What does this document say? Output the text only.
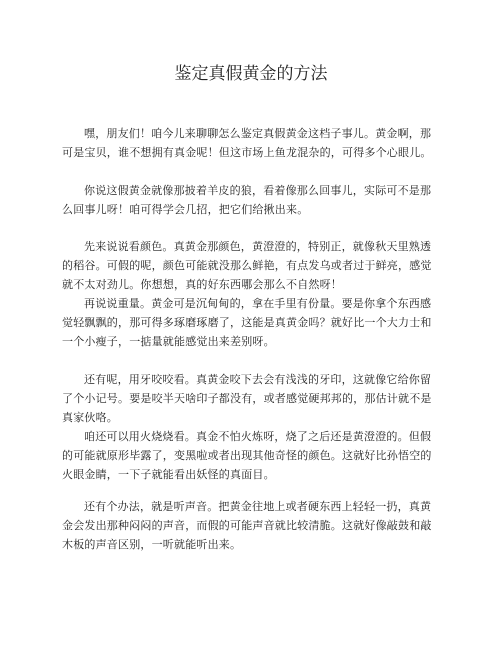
鉴定真假黄金的方法

嘿，朋友们！咱今儿来聊聊怎么鉴定真假黄金这档子事儿。黄金啊，那可是宝贝，谁不想拥有真金呢！但这市场上鱼龙混杂的，可得多个心眼儿。

你说这假黄金就像那披着羊皮的狼，看着像那么回事儿，实际可不是那么回事儿呀！咱可得学会几招，把它们给揪出来。

先来说说看颜色。真黄金那颜色，黄澄澄的，特别正，就像秋天里熟透的稻谷。可假的呢，颜色可能就没那么鲜艳，有点发乌或者过于鲜亮，感觉就不太对劲儿。你想想，真的好东西哪会那么不自然呀！

再说说重量。黄金可是沉甸甸的，拿在手里有份量。要是你拿个东西感觉轻飘飘的，那可得多琢磨琢磨了，这能是真黄金吗？就好比一个大力士和一个小瘦子，一掂量就能感觉出来差别呀。

还有呢，用牙咬咬看。真黄金咬下去会有浅浅的牙印，这就像它给你留了个小记号。要是咬半天啥印子都没有，或者感觉硬邦邦的，那估计就不是真家伙咯。

咱还可以用火烧烧看。真金不怕火炼呀，烧了之后还是黄澄澄的。但假的可能就原形毕露了，变黑啦或者出现其他奇怪的颜色。这就好比孙悟空的火眼金睛，一下子就能看出妖怪的真面目。

还有个办法，就是听声音。把黄金往地上或者硬东西上轻轻一扔，真黄金会发出那种闷闷的声音，而假的可能声音就比较清脆。这就好像敲鼓和敲木板的声音区别，一听就能听出来。
